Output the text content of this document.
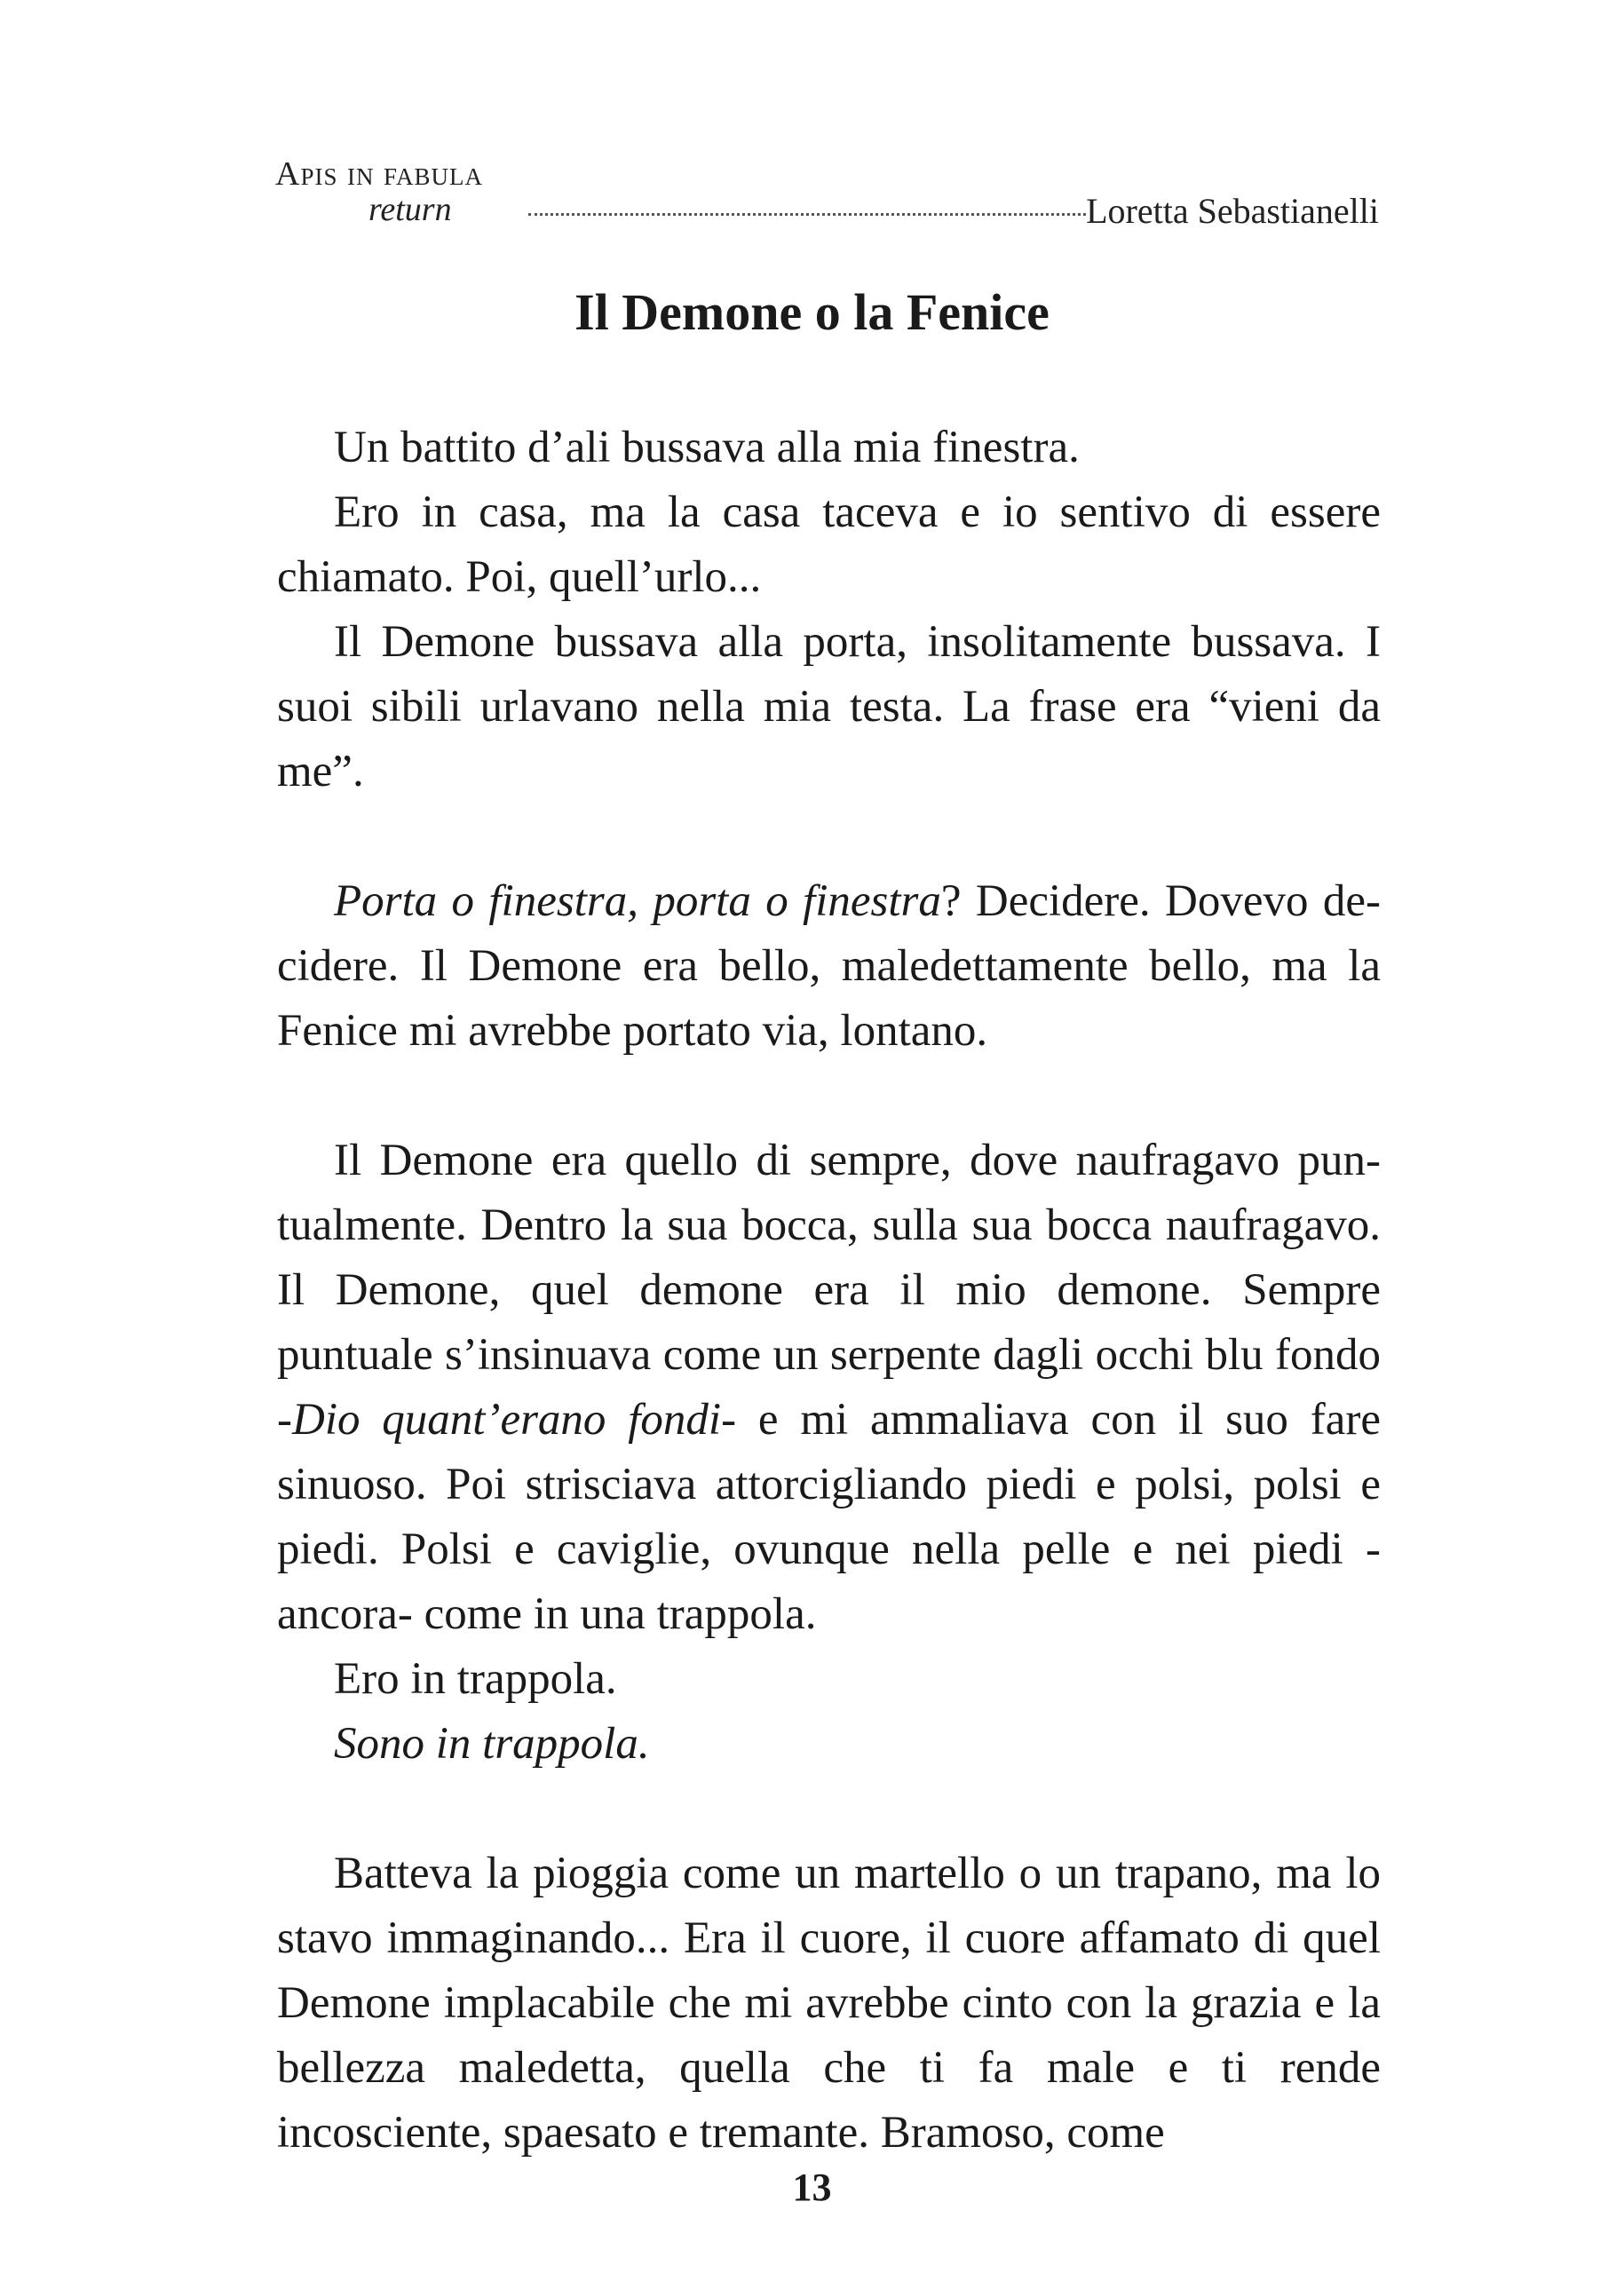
Apis in fabula
return	Loretta Sebastianelli
Il Demone o la Fenice

Un battito d’ali bussava alla mia finestra.

Ero in casa, ma la casa taceva e io sentivo di essere chiamato. Poi, quell’urlo...

Il Demone bussava alla porta, insolitamente bussava. I suoi sibili urlavano nella mia testa. La frase era “vieni da me”.

Porta o finestra, porta o finestra? Decidere. Dovevo decidere. Il Demone era bello, maledettamente bello, ma la Fenice mi avrebbe portato via, lontano.

Il Demone era quello di sempre, dove naufragavo puntualmente. Dentro la sua bocca, sulla sua bocca naufragavo. Il Demone, quel demone era il mio demone. Sempre puntuale s’insinuava come un serpente dagli occhi blu fondo -Dio quant’erano fondi- e mi ammaliava con il suo fare sinuoso. Poi strisciava attorcigliando piedi e polsi, polsi e piedi. Polsi e caviglie, ovunque nella pelle e nei piedi -ancora- come in una trappola.

Ero in trappola.

Sono in trappola.

Batteva la pioggia come un martello o un trapano, ma lo stavo immaginando... Era il cuore, il cuore affamato di quel Demone implacabile che mi avrebbe cinto con la grazia e la bellezza maledetta, quella che ti fa male e ti rende incosciente, spaesato e tremante. Bramoso, come

13
